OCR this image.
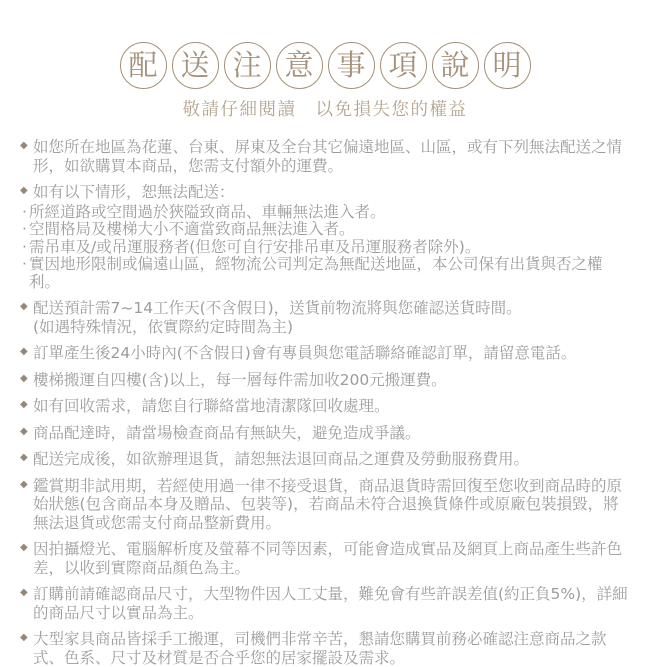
配 送 注 意 事 項 說 明
敬請仔細閱讀　以免損失您的權益

◆ 如您所在地區為花蓮、台東、屏東及全台其它偏遠地區、山區，或有下列無法配送之情形，如欲購買本商品，您需支付額外的運費。

◆ 如有以下情形，恕無法配送：

· 所經道路或空間過於狹隘致商品、車輛無法進入者。

· 空間格局及樓梯大小不適當致商品無法進入者。

· 需吊車及/或吊運服務者(但您可自行安排吊車及吊運服務者除外)。

· 實因地形限制或偏遠山區，經物流公司判定為無配送地區，本公司保有出貨與否之權利。

◆ 配送預計需7~14工作天(不含假日)，送貨前物流將與您確認送貨時間。
(如遇特殊情況，依實際約定時間為主)

◆ 訂單產生後24小時內(不含假日)會有專員與您電話聯絡確認訂單，請留意電話。

◆ 樓梯搬運自四樓(含)以上，每一層每件需加收200元搬運費。

◆ 如有回收需求，請您自行聯絡當地清潔隊回收處理。

◆ 商品配達時，請當場檢查商品有無缺失，避免造成爭議。

◆ 配送完成後，如欲辦理退貨，請恕無法退回商品之運費及勞動服務費用。

◆ 鑑賞期非試用期，若經使用過一律不接受退貨，商品退貨時需回復至您收到商品時的原始狀態(包含商品本身及贈品、包裝等)，若商品未符合退換貨條件或原廠包裝損毀，將無法退貨或您需支付商品整新費用。

◆ 因拍攝燈光、電腦解析度及螢幕不同等因素，可能會造成實品及網頁上商品產生些許色差，以收到實際商品顏色為主。

◆ 訂購前請確認商品尺寸，大型物件因人工丈量，難免會有些許誤差值(約正負5%)，詳細的商品尺寸以實品為主。

◆ 大型家具商品皆採手工搬運，司機們非常辛苦，懇請您購買前務必確認注意商品之款式、色系、尺寸及材質是否合乎您的居家擺設及需求。
